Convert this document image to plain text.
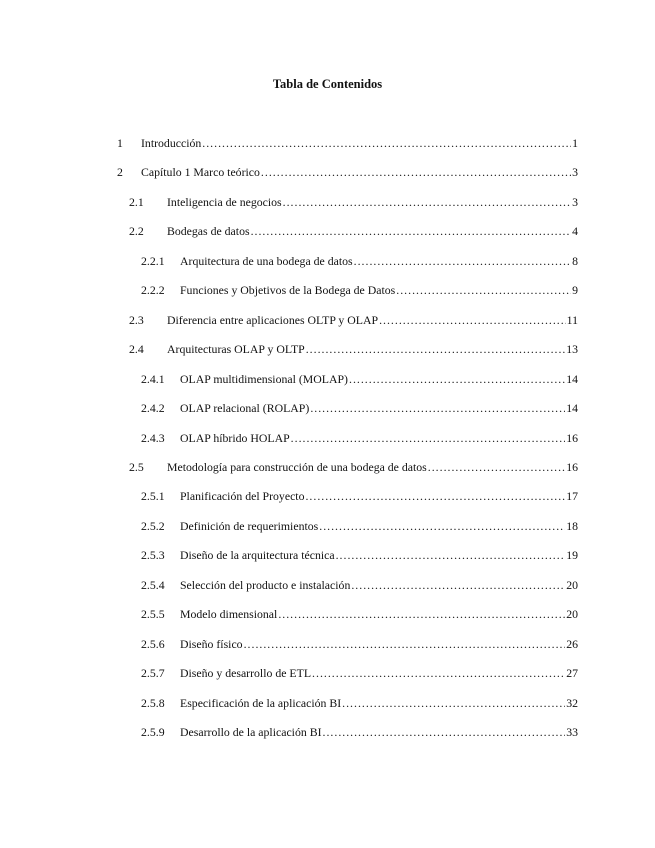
Tabla de Contenidos
1	Introducción .....	1
2	Capítulo 1 Marco teórico .....	3
2.1	Inteligencia de negocios .....	3
2.2	Bodegas de datos .....	4
2.2.1	Arquitectura de una bodega de datos .....	8
2.2.2	Funciones y Objetivos de la Bodega de Datos .....	9
2.3	Diferencia entre aplicaciones OLTP y OLAP .....	11
2.4	Arquitecturas OLAP y OLTP .....	13
2.4.1	OLAP multidimensional (MOLAP) .....	14
2.4.2	OLAP relacional (ROLAP) .....	14
2.4.3	OLAP híbrido HOLAP .....	16
2.5	Metodología para construcción de una bodega de datos .....	16
2.5.1	Planificación del Proyecto .....	17
2.5.2	Definición de requerimientos .....	18
2.5.3	Diseño de la arquitectura técnica .....	19
2.5.4	Selección del producto e instalación .....	20
2.5.5	Modelo dimensional .....	20
2.5.6	Diseño físico .....	26
2.5.7	Diseño y desarrollo de ETL .....	27
2.5.8	Especificación de la aplicación BI .....	32
2.5.9	Desarrollo de la aplicación BI .....	33
